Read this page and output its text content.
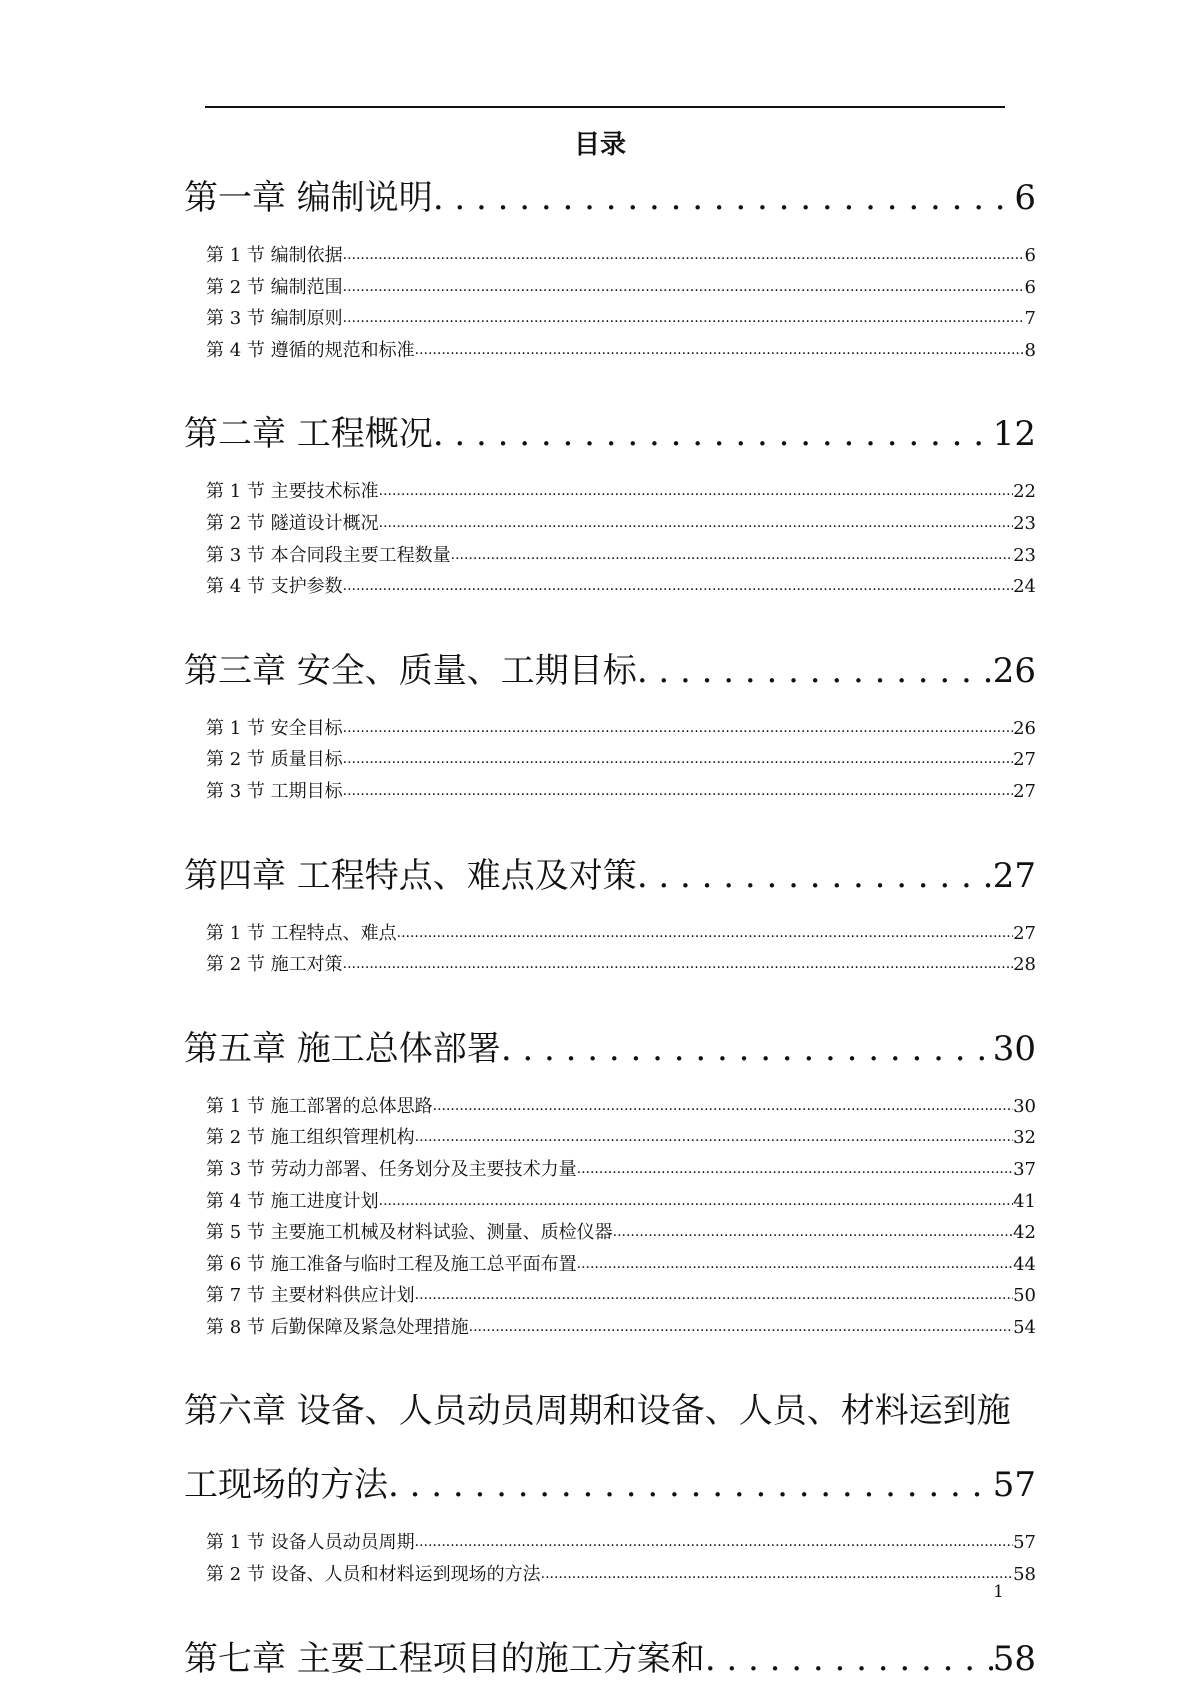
目录
第一章 编制说明 . . .	6
第 1 节 编制依据 .....	6
第 2 节 编制范围 .....	6
第 3 节 编制原则 .....	7
第 4 节 遵循的规范和标准 .....	8
第二章 工程概况 . . .	12
第 1 节 主要技术标准 .....	22
第 2 节 隧道设计概况 .....	23
第 3 节 本合同段主要工程数量 .....	23
第 4 节 支护参数 .....	24
第三章 安全、质量、工期目标 . . .	26
第 1 节 安全目标 .....	26
第 2 节 质量目标 .....	27
第 3 节 工期目标 .....	27
第四章 工程特点、难点及对策 . . .	27
第 1 节 工程特点、难点 .....	27
第 2 节 施工对策 .....	28
第五章 施工总体部署 . . .	30
第 1 节 施工部署的总体思路 .....	30
第 2 节 施工组织管理机构 .....	32
第 3 节 劳动力部署、任务划分及主要技术力量 .....	37
第 4 节 施工进度计划 .....	41
第 5 节 主要施工机械及材料试验、测量、质检仪器 .....	42
第 6 节 施工准备与临时工程及施工总平面布置 .....	44
第 7 节 主要材料供应计划 .....	50
第 8 节 后勤保障及紧急处理措施 .....	54
第六章 设备、人员动员周期和设备、人员、材料运到施
工现场的方法 . . .	57
第 1 节 设备人员动员周期 .....	57
第 2 节 设备、人员和材料运到现场的方法 .....	58
第七章 主要工程项目的施工方案和 . . .	58
1
